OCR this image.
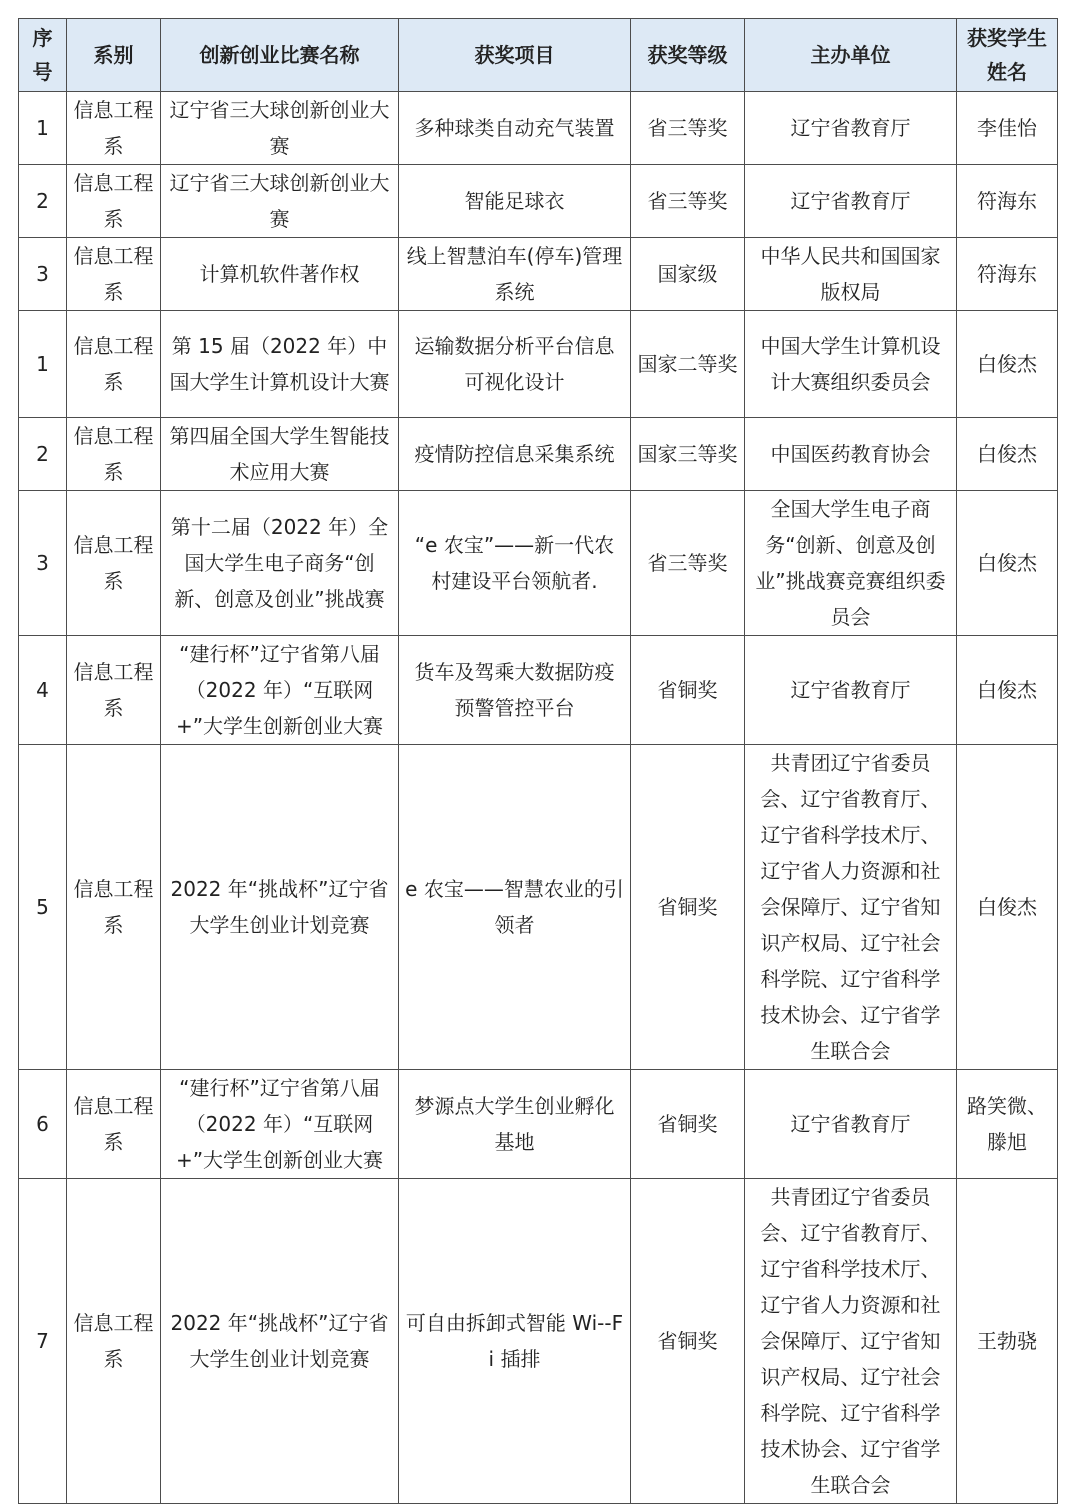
序号	系别	创新创业比赛名称	获奖项目	获奖等级	主办单位	获奖学生姓名
1	信息工程系	辽宁省三大球创新创业大赛	多种球类自动充气装置	省三等奖	辽宁省教育厅	李佳怡
2	信息工程系	辽宁省三大球创新创业大赛	智能足球衣	省三等奖	辽宁省教育厅	符海东
3	信息工程系	计算机软件著作权	线上智慧泊车(停车)管理系统	国家级	中华人民共和国国家版权局	符海东
1	信息工程系	第 15 届（2022 年）中国大学生计算机设计大赛	运输数据分析平台信息可视化设计	国家二等奖	中国大学生计算机设计大赛组织委员会	白俊杰
2	信息工程系	第四届全国大学生智能技术应用大赛	疫情防控信息采集系统	国家三等奖	中国医药教育协会	白俊杰
3	信息工程系	第十二届（2022 年）全国大学生电子商务“创新、创意及创业”挑战赛	“e 农宝”——新一代农村建设平台领航者.	省三等奖	全国大学生电子商务“创新、创意及创业”挑战赛竞赛组织委员会	白俊杰
4	信息工程系	“建行杯”辽宁省第八届（2022 年）“互联网+”大学生创新创业大赛	货车及驾乘大数据防疫预警管控平台	省铜奖	辽宁省教育厅	白俊杰
5	信息工程系	2022 年“挑战杯”辽宁省大学生创业计划竞赛	e 农宝——智慧农业的引领者	省铜奖	共青团辽宁省委员会、辽宁省教育厅、辽宁省科学技术厅、辽宁省人力资源和社会保障厅、辽宁省知识产权局、辽宁社会科学院、辽宁省科学技术协会、辽宁省学生联合会	白俊杰
6	信息工程系	“建行杯”辽宁省第八届（2022 年）“互联网+”大学生创新创业大赛	梦源点大学生创业孵化基地	省铜奖	辽宁省教育厅	路笑微、滕旭
7	信息工程系	2022 年“挑战杯”辽宁省大学生创业计划竞赛	可自由拆卸式智能 Wi--Fi 插排	省铜奖	共青团辽宁省委员会、辽宁省教育厅、辽宁省科学技术厅、辽宁省人力资源和社会保障厅、辽宁省知识产权局、辽宁社会科学院、辽宁省科学技术协会、辽宁省学生联合会	王勃骁
